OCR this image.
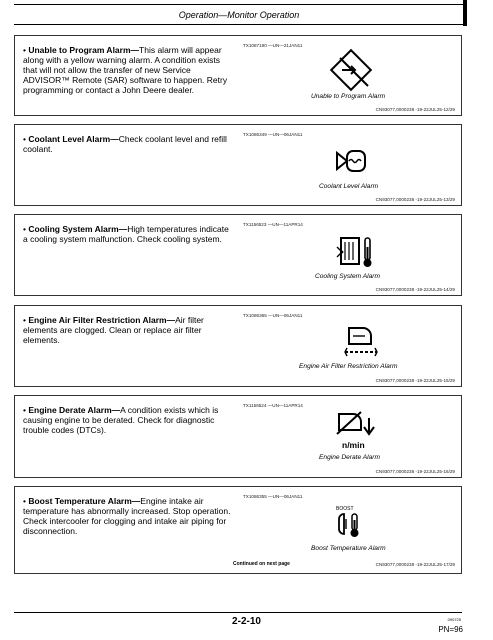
Operation—Monitor Operation
• Unable to Program Alarm—This alarm will appear along with a yellow warning alarm. A condition exists that will not allow the transfer of new Service ADVISOR™ Remote (SAR) software to happen. Retry programming or contact a John Deere dealer.
TX1087190 —UN—21JAN11
Unable to Program Alarm
CN93077,0000238 -19-22JUL25-12/29
• Coolant Level Alarm—Check coolant level and refill coolant.
TX1086349 —UN—06JAN11
Coolant Level Alarm
CN93077,0000238 -19-22JUL25-13/29
• Cooling System Alarm—High temperatures indicate a cooling system malfunction. Check cooling system.
TX1156523 —UN—11APR14
Cooling System Alarm
CN93077,0000238 -19-22JUL25-14/29
• Engine Air Filter Restriction Alarm—Air filter elements are clogged. Clean or replace air filter elements.
TX1086365 —UN—06JAN11
Engine Air Filter Restriction Alarm
CN93077,0000238 -19-22JUL25-15/29
• Engine Derate Alarm—A condition exists which is causing engine to be derated. Check for diagnostic trouble codes (DTCs).
TX1156524 —UN—11APR14
n/min
Engine Derate Alarm
CN93077,0000238 -19-22JUL25-16/29
• Boost Temperature Alarm—Engine intake air temperature has abnormally increased. Stop operation. Check intercooler for clogging and intake air piping for disconnection.
TX1086355 —UN—06JAN11
BOOST
Boost Temperature Alarm
Continued on next page	CN93077,0000238 -19-22JUL25-17/29
2-2-10	090725
PN=96
